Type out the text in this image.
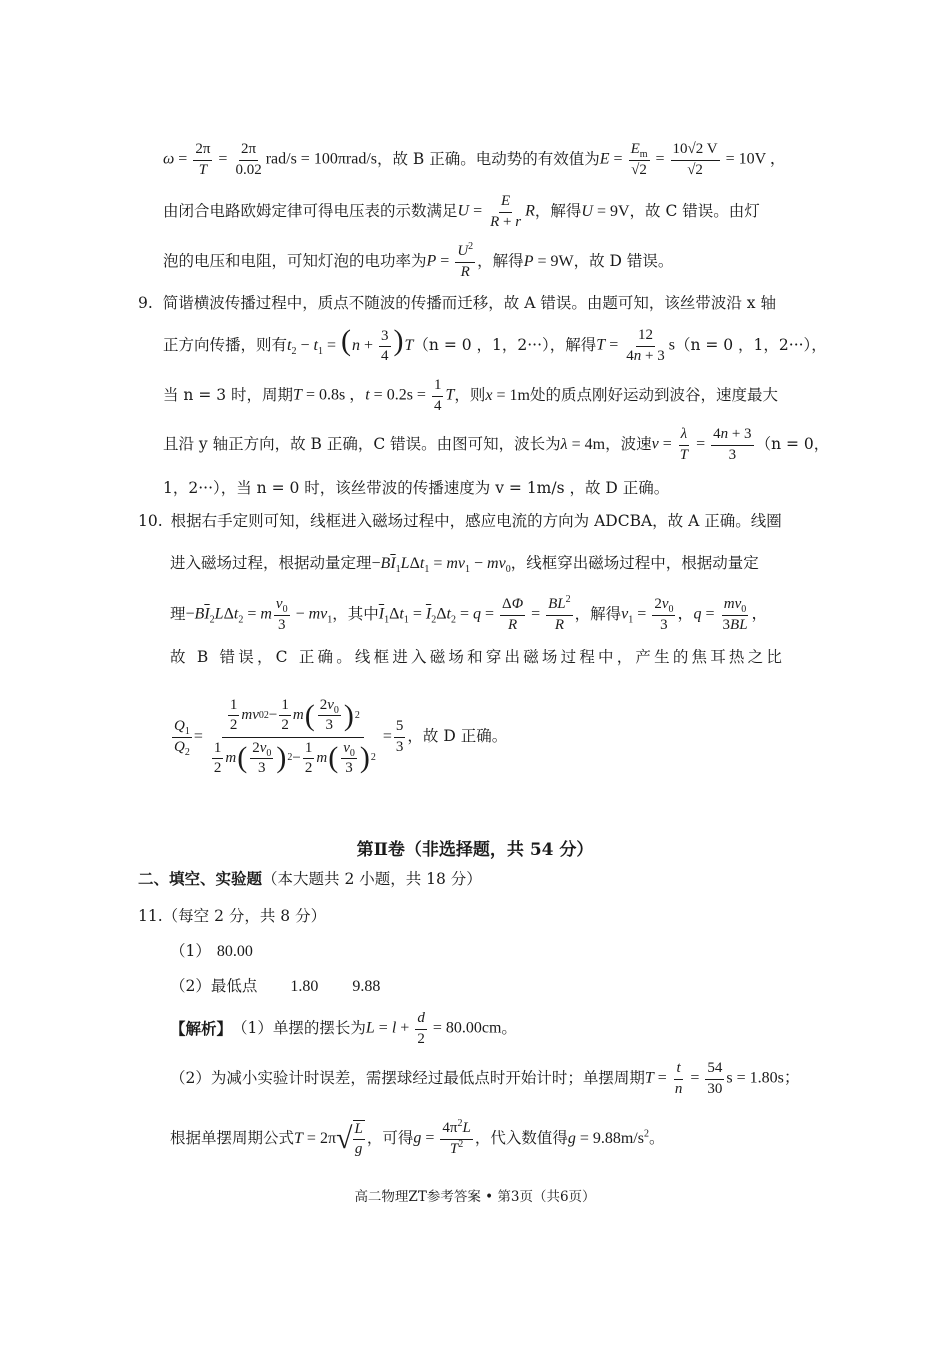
$\omega = \frac{2\pi}{T} = \frac{2\pi}{0.02} rad/s = 100\pi rad/s$ ，故 B 正确。电动势的有效值为 $E = \frac{E_m}{√2} = \frac{10√2 V}{√2} = 10V$ ，
由闭合电路欧姆定律可得电压表的示数满足 $U = \frac{E}{R + r}$ R ，解得 U = 9V ，故 C 错误。由灯
泡的电压和电阻，可知灯泡的电功率为 $P = \frac{U^2}{R}$ ，解得 P = 9W ，故 D 错误。
9. 简谐横波传播过程中，质点不随波的传播而迁移，故 A 错误。由题可知，该丝带波沿 x 轴
正方向传播，则有 $t_2 - t_1 = (n + \frac{3}{4} )T$ （n = 0 ，1，2···），解得 $T = \frac{12}{4n + 3}$ s （n = 0 ，1，2···），
当 n = 3 时，周期 T = 0.8s ，$t = 0.2s = \frac{1}{4}$ T ，则 x = 1m 处的质点刚好运动到波谷，速度最大
且沿 y 轴正方向，故 B 正确，C 错误。由图可知，波长为 λ = 4m ，波速 $v = \frac{\lambda}{T} = \frac{4n + 3}{3} (n = 0$，
1，2···），当 n = 0 时，该丝带波的传播速度为 v = 1m/s ，故 D 正确。
10. 根据右手定则可知，线框进入磁场过程中，感应电流的方向为 ADCBA，故 A 正确。线圈
进入磁场过程，根据动量定理 $-B\overline{I}_1L\Delta t_1 = mv_1 - mv_0$ ，线框穿出磁场过程中，根据动量定
理 $-B\overline{I}_2L\Delta t_2 = m \frac{v_0}{3} - mv_1$ ，其中 $\overline{I}_1\Delta t_1 = \overline{I}_2\Delta t_2 = q = \frac{\Delta\Phi}{R} = \frac{BL^2}{R}$ ，解得 $v_1 = \frac{2v_0}{3}$ ，$q = \frac{mv_0}{3BL}$ ，
故 B 错误，C 正确。线框进入磁场和穿出磁场过程中，产生的焦耳热之比
$\frac{Q_1}{Q_2} = \frac{\frac{1}{2} mv 0 2 - \frac{1}{2} m ( \frac{2v_0}{3} ) 2}{\frac{1}{2} m ( \frac{2v_0}{3} ) 2 - \frac{1}{2} m ( \frac{v_0}{3} ) 2} = \frac{5}{3}$ ，故 D 正确。
第Ⅱ卷（非选择题，共 54 分）
二、填空、实验题（本大题共 2 小题，共 18 分）
11.（每空 2 分，共 8 分）
（1） 80.00
（2） 最低点 1.80 9.88
【解析】 （1）单摆的摆长为 $L = l + \frac{d}{2} = 80.00cm$ 。
（2）为减小实验计时误差，需摆球经过最低点时开始计时；单摆周期 $T = \frac{t}{n} = \frac{54}{30}$ s = 1.80s；
根据单摆周期公式 T = 2π √ $\frac{L}{g}$ ，可得 $g = \frac{4\pi^2L}{T^2}$ ，代入数值得 $g = 9.88m/s^2$ 。
高二物理ZT参考答案 • 第3页（共6页）
